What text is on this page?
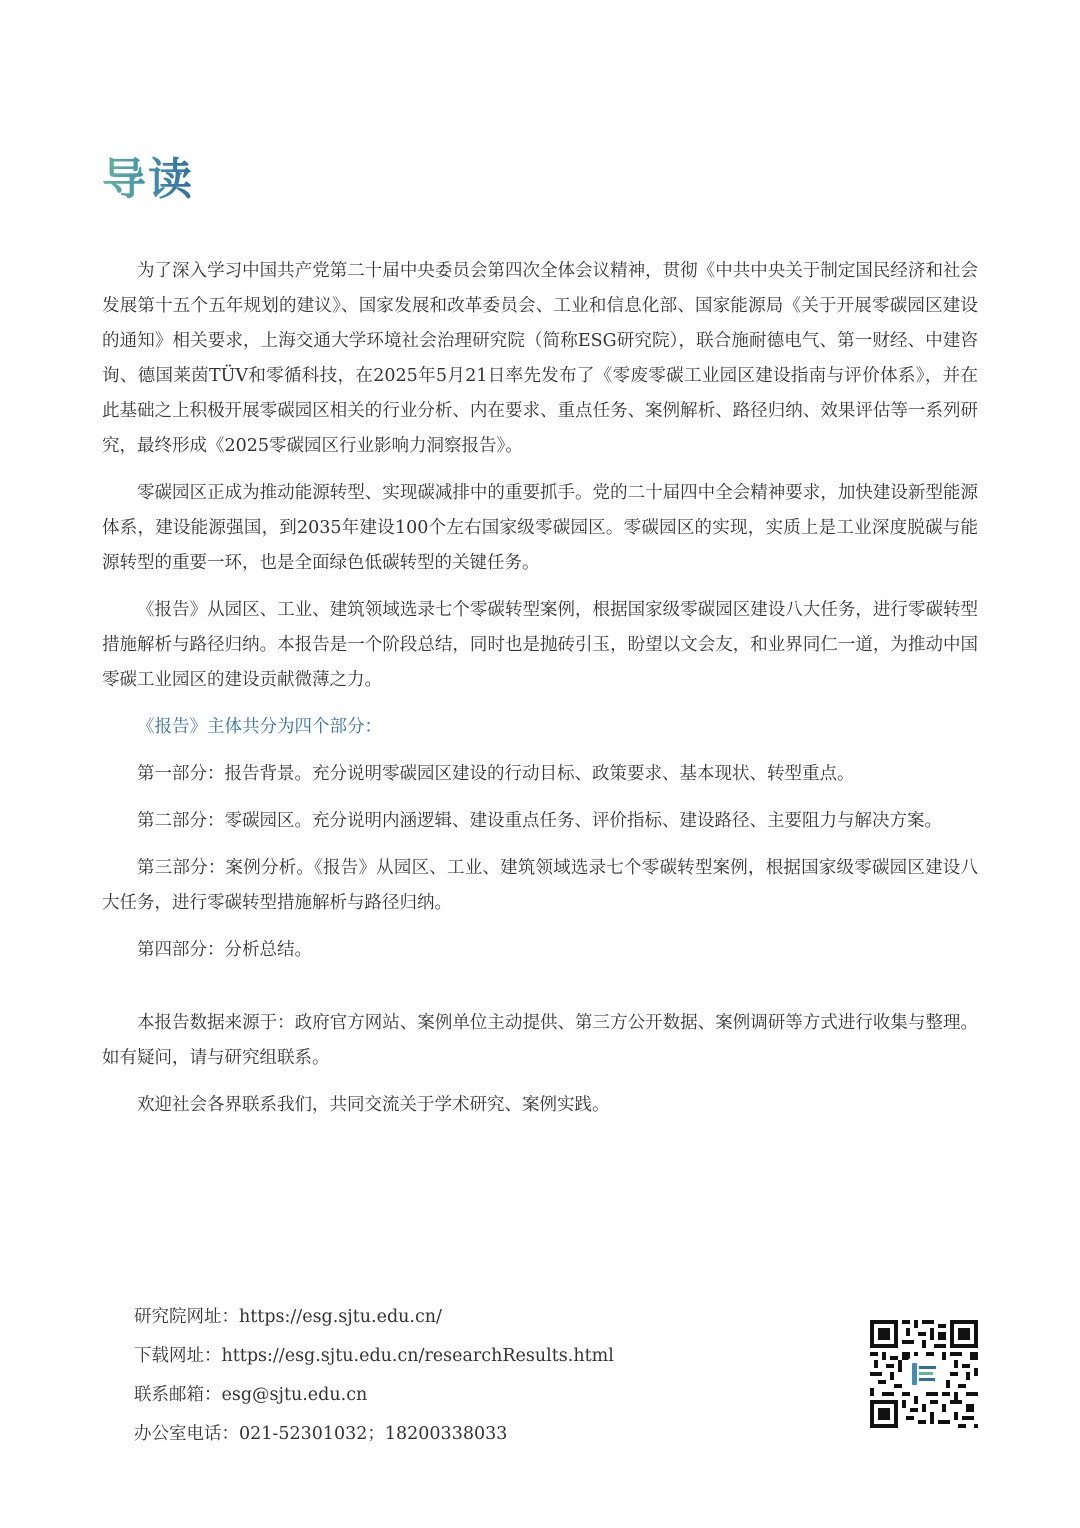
导读

为了深入学习中国共产党第二十届中央委员会第四次全体会议精神，贯彻《中共中央关于制定国民经济和社会发展第十五个五年规划的建议》、国家发展和改革委员会、工业和信息化部、国家能源局《关于开展零碳园区建设的通知》相关要求，上海交通大学环境社会治理研究院（简称ESG研究院），联合施耐德电气、第一财经、中建咨询、德国莱茵TÜV和零循科技，在2025年5月21日率先发布了《零废零碳工业园区建设指南与评价体系》，并在此基础之上积极开展零碳园区相关的行业分析、内在要求、重点任务、案例解析、路径归纳、效果评估等一系列研究，最终形成《2025零碳园区行业影响力洞察报告》。

零碳园区正成为推动能源转型、实现碳减排中的重要抓手。党的二十届四中全会精神要求，加快建设新型能源体系，建设能源强国，到2035年建设100个左右国家级零碳园区。零碳园区的实现，实质上是工业深度脱碳与能源转型的重要一环，也是全面绿色低碳转型的关键任务。

《报告》从园区、工业、建筑领域选录七个零碳转型案例，根据国家级零碳园区建设八大任务，进行零碳转型措施解析与路径归纳。本报告是一个阶段总结，同时也是抛砖引玉，盼望以文会友，和业界同仁一道，为推动中国零碳工业园区的建设贡献微薄之力。

《报告》主体共分为四个部分：

第一部分：报告背景。充分说明零碳园区建设的行动目标、政策要求、基本现状、转型重点。

第二部分：零碳园区。充分说明内涵逻辑、建设重点任务、评价指标、建设路径、主要阻力与解决方案。

第三部分：案例分析。《报告》从园区、工业、建筑领域选录七个零碳转型案例，根据国家级零碳园区建设八大任务，进行零碳转型措施解析与路径归纳。

第四部分：分析总结。

本报告数据来源于：政府官方网站、案例单位主动提供、第三方公开数据、案例调研等方式进行收集与整理。如有疑问，请与研究组联系。

欢迎社会各界联系我们，共同交流关于学术研究、案例实践。

研究院网址：https://esg.sjtu.edu.cn/
下载网址：https://esg.sjtu.edu.cn/researchResults.html
联系邮箱：esg@sjtu.edu.cn
办公室电话：021-52301032；18200338033
